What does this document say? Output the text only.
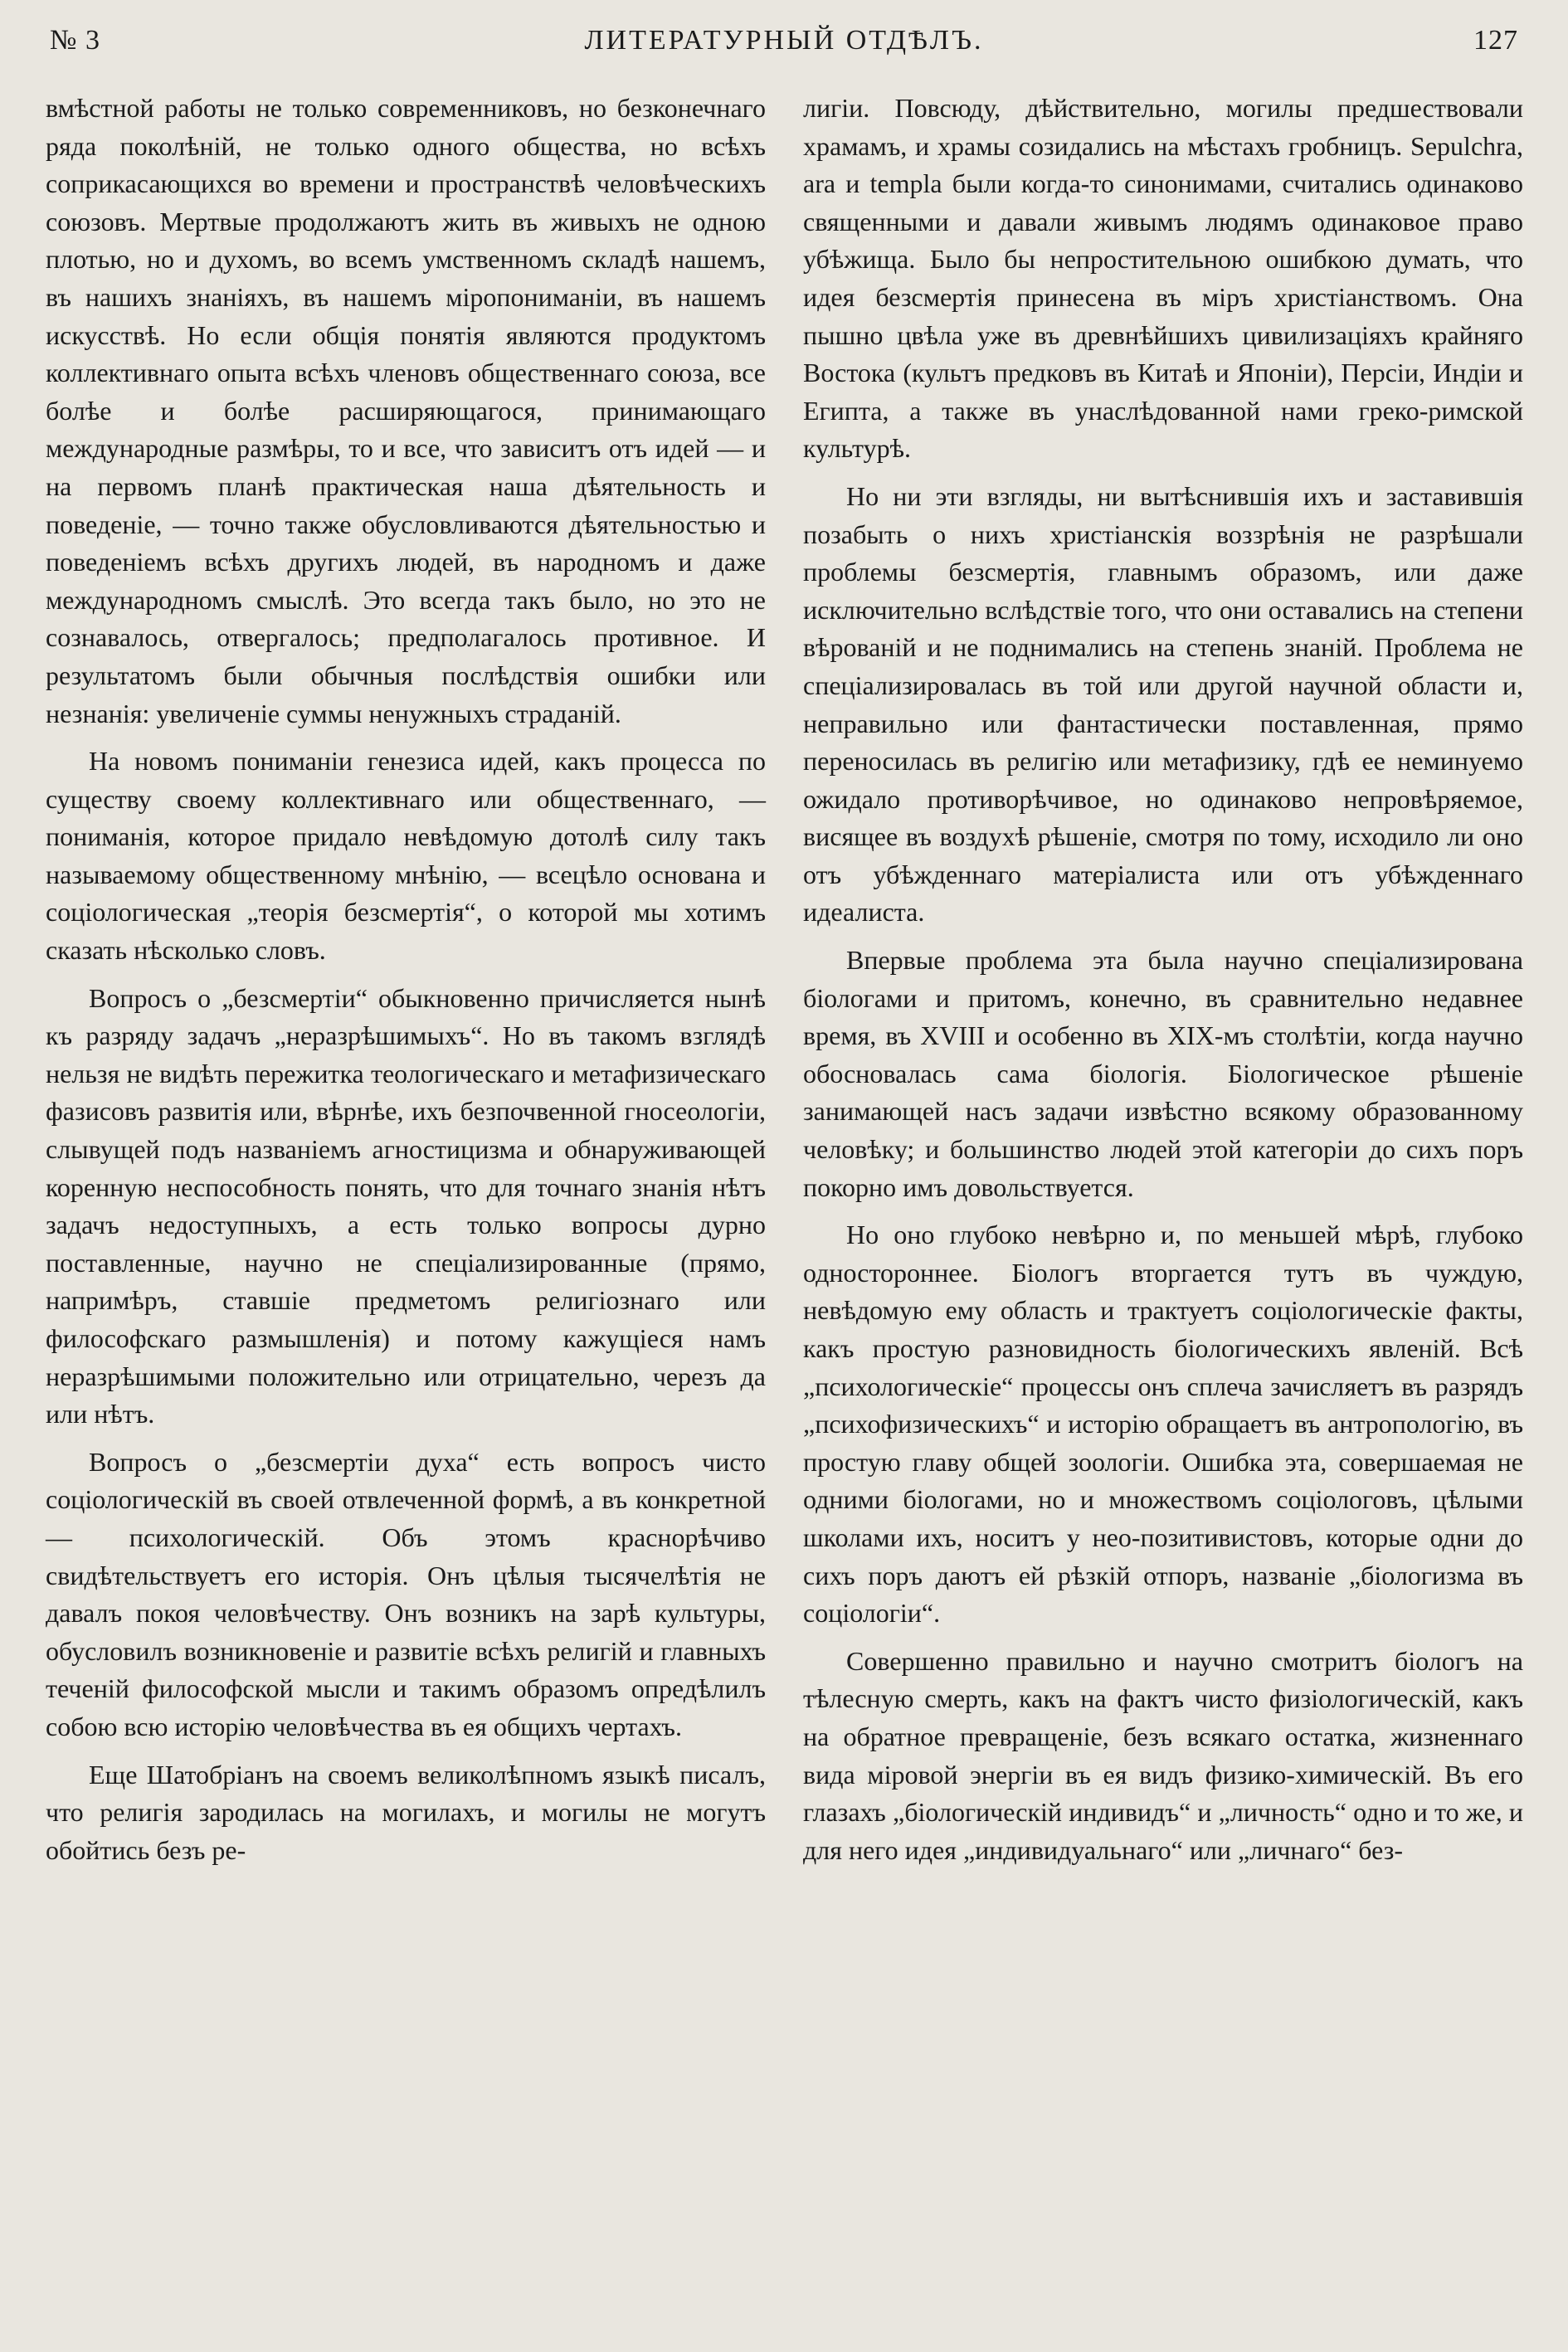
№ 3	ЛИТЕРАТУРНЫЙ ОТДѢЛЪ.	127

вмѣстной работы не только современниковъ, но безконечнаго ряда поколѣній, не только одного общества, но всѣхъ соприкасающихся во времени и пространствѣ человѣческихъ союзовъ. Мертвые продолжаютъ жить въ живыхъ не одною плотью, но и духомъ, во всемъ умственномъ складѣ нашемъ, въ нашихъ знаніяхъ, въ нашемъ міропониманіи, въ нашемъ искусствѣ. Но если общія понятія являются продуктомъ коллективнаго опыта всѣхъ членовъ общественнаго союза, все болѣе и болѣе расширяющагося, принимающаго международные размѣры, то и все, что зависитъ отъ идей — и на первомъ планѣ практическая наша дѣятельность и поведеніе, — точно также обусловливаются дѣятельностью и поведеніемъ всѣхъ другихъ людей, въ народномъ и даже международномъ смыслѣ. Это всегда такъ было, но это не сознавалось, отвергалось; предполагалось противное. И результатомъ были обычныя послѣдствія ошибки или незнанія: увеличеніе суммы ненужныхъ страданій.

На новомъ пониманіи генезиса идей, какъ процесса по существу своему коллективнаго или общественнаго, — пониманія, которое придало невѣдомую дотолѣ силу такъ называемому общественному мнѣнію, — всецѣло основана и соціологическая „теорія безсмертія“, о которой мы хотимъ сказать нѣсколько словъ.

Вопросъ о „безсмертіи“ обыкновенно причисляется нынѣ къ разряду задачъ „неразрѣшимыхъ“. Но въ такомъ взглядѣ нельзя не видѣть пережитка теологическаго и метафизическаго фазисовъ развитія или, вѣрнѣе, ихъ безпочвенной гносеологіи, слывущей подъ названіемъ агностицизма и обнаруживающей коренную неспособность понять, что для точнаго знанія нѣтъ задачъ недоступныхъ, а есть только вопросы дурно поставленные, научно не спеціализированные (прямо, напримѣръ, ставшіе предметомъ религіознаго или философскаго размышленія) и потому кажущіеся намъ неразрѣшимыми положительно или отрицательно, черезъ да или нѣтъ.

Вопросъ о „безсмертіи духа“ есть вопросъ чисто соціологическій въ своей отвлеченной формѣ, а въ конкретной — психологическій. Объ этомъ краснорѣчиво свидѣтельствуетъ его исторія. Онъ цѣлыя тысячелѣтія не давалъ покоя человѣчеству. Онъ возникъ на зарѣ культуры, обусловилъ возникновеніе и развитіе всѣхъ религій и главныхъ теченій философской мысли и такимъ образомъ опредѣлилъ собою всю исторію человѣчества въ ея общихъ чертахъ.

Еще Шатобріанъ на своемъ великолѣпномъ языкѣ писалъ, что религія зародилась на могилахъ, и могилы не могутъ обойтись безъ ре-

лигіи. Повсюду, дѣйствительно, могилы предшествовали храмамъ, и храмы созидались на мѣстахъ гробницъ. Sepulchra, ara и templa были когда-то синонимами, считались одинаково священными и давали живымъ людямъ одинаковое право убѣжища. Было бы непростительною ошибкою думать, что идея безсмертія принесена въ міръ христіанствомъ. Она пышно цвѣла уже въ древнѣйшихъ цивилизаціяхъ крайняго Востока (культъ предковъ въ Китаѣ и Японіи), Персіи, Индіи и Египта, а также въ унаслѣдованной нами греко-римской культурѣ.

Но ни эти взгляды, ни вытѣснившія ихъ и заставившія позабыть о нихъ христіанскія воззрѣнія не разрѣшали проблемы безсмертія, главнымъ образомъ, или даже исключительно вслѣдствіе того, что они оставались на степени вѣрованій и не поднимались на степень знаній. Проблема не спеціализировалась въ той или другой научной области и, неправильно или фантастически поставленная, прямо переносилась въ религію или метафизику, гдѣ ее неминуемо ожидало противорѣчивое, но одинаково непровѣряемое, висящее въ воздухѣ рѣшеніе, смотря по тому, исходило ли оно отъ убѣжденнаго матеріалиста или отъ убѣжденнаго идеалиста.

Впервые проблема эта была научно спеціализирована біологами и притомъ, конечно, въ сравнительно недавнее время, въ XVIII и особенно въ XIX-мъ столѣтіи, когда научно обосновалась сама біологія. Біологическое рѣшеніе занимающей насъ задачи извѣстно всякому образованному человѣку; и большинство людей этой категоріи до сихъ поръ покорно имъ довольствуется.

Но оно глубоко невѣрно и, по меньшей мѣрѣ, глубоко одностороннее. Біологъ вторгается тутъ въ чуждую, невѣдомую ему область и трактуетъ соціологическіе факты, какъ простую разновидность біологическихъ явленій. Всѣ „психологическіе“ процессы онъ сплеча зачисляетъ въ разрядъ „психофизическихъ“ и исторію обращаетъ въ антропологію, въ простую главу общей зоологіи. Ошибка эта, совершаемая не одними біологами, но и множествомъ соціологовъ, цѣлыми школами ихъ, носитъ у нео-позитивистовъ, которые одни до сихъ поръ даютъ ей рѣзкій отпоръ, названіе „біологизма въ соціологіи“.

Совершенно правильно и научно смотритъ біологъ на тѣлесную смерть, какъ на фактъ чисто физіологическій, какъ на обратное превращеніе, безъ всякаго остатка, жизненнаго вида міровой энергіи въ ея видъ физико-химическій. Въ его глазахъ „біологическій индивидъ“ и „личность“ одно и то же, и для него идея „индивидуальнаго“ или „личнаго“ без-
